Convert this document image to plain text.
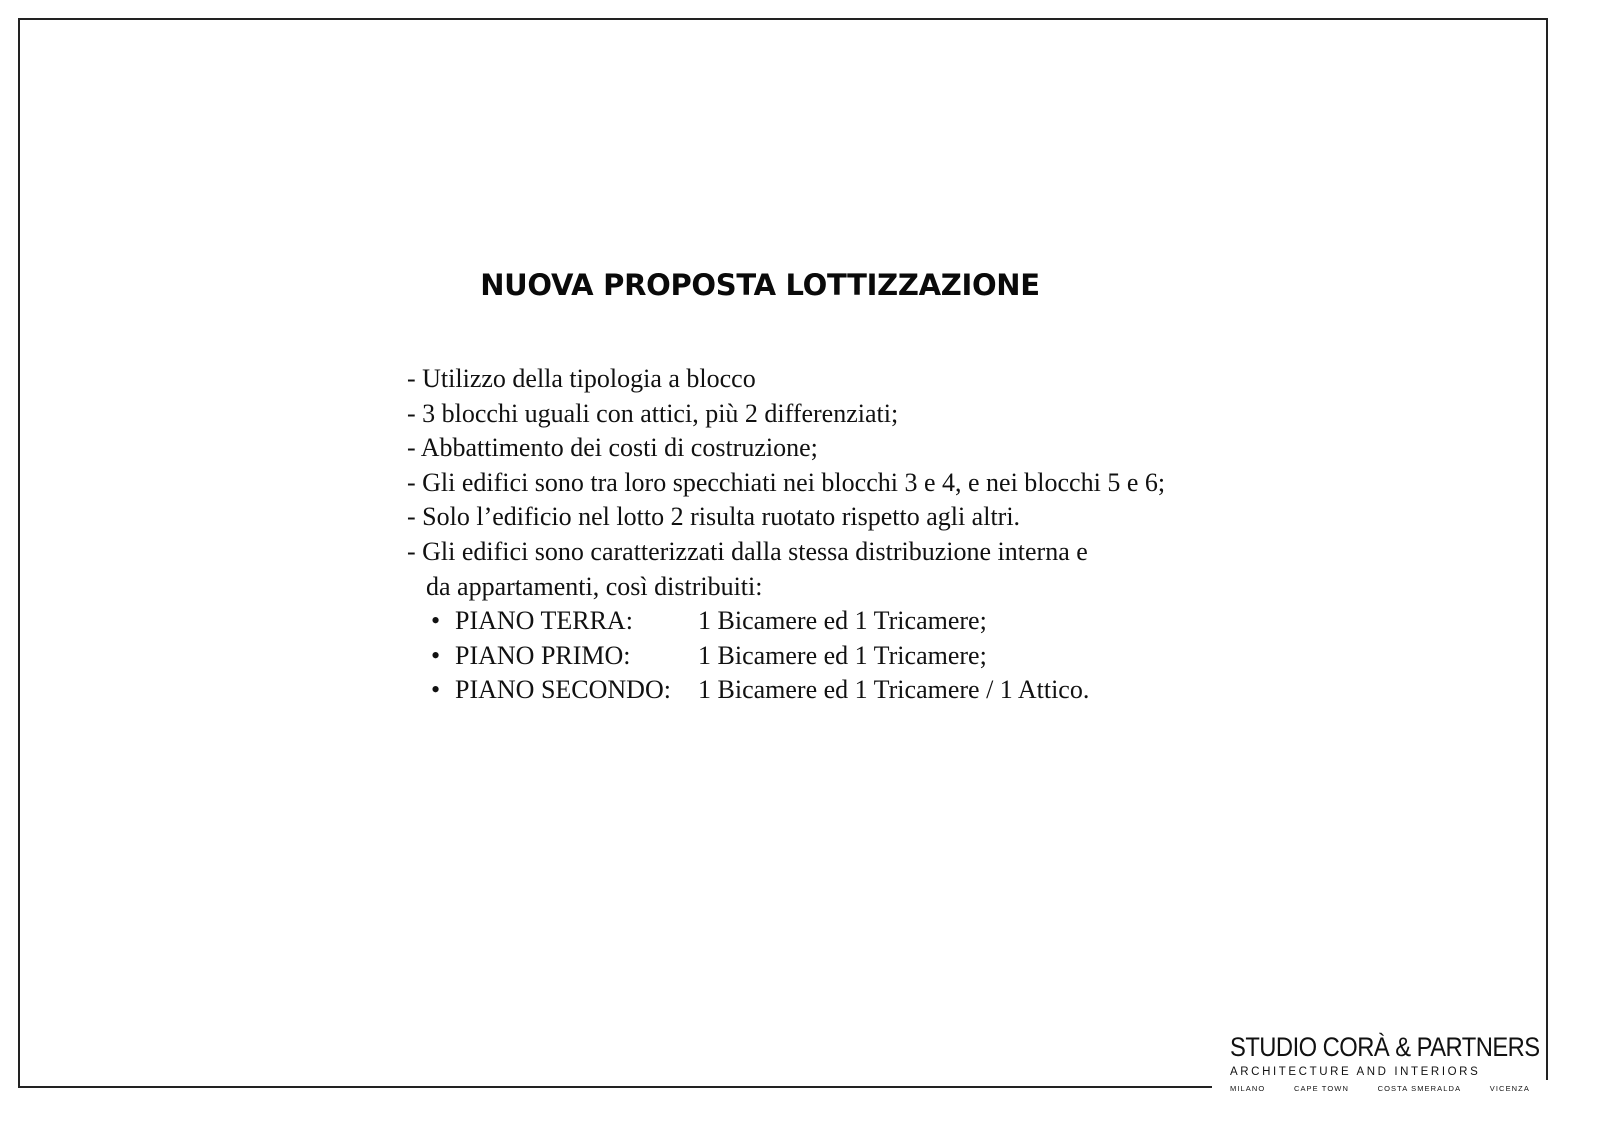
NUOVA PROPOSTA LOTTIZZAZIONE
- Utilizzo della tipologia a blocco
- 3 blocchi uguali con attici, più 2 differenziati;
- Abbattimento dei costi di costruzione;
- Gli edifici sono tra loro specchiati nei blocchi 3 e 4, e nei blocchi 5 e 6;
- Solo l’edificio nel lotto 2 risulta ruotato rispetto agli altri.
- Gli edifici sono caratterizzati dalla stessa distribuzione interna e
da appartamenti, così distribuiti:
• PIANO TERRA:	1 Bicamere ed 1 Tricamere;
• PIANO PRIMO:	1 Bicamere ed 1 Tricamere;
• PIANO SECONDO:	1 Bicamere ed 1 Tricamere / 1 Attico.
STUDIO CORÀ & PARTNERS
ARCHITECTURE AND INTERIORS
MILANO	CAPE TOWN	COSTA SMERALDA	VICENZA
